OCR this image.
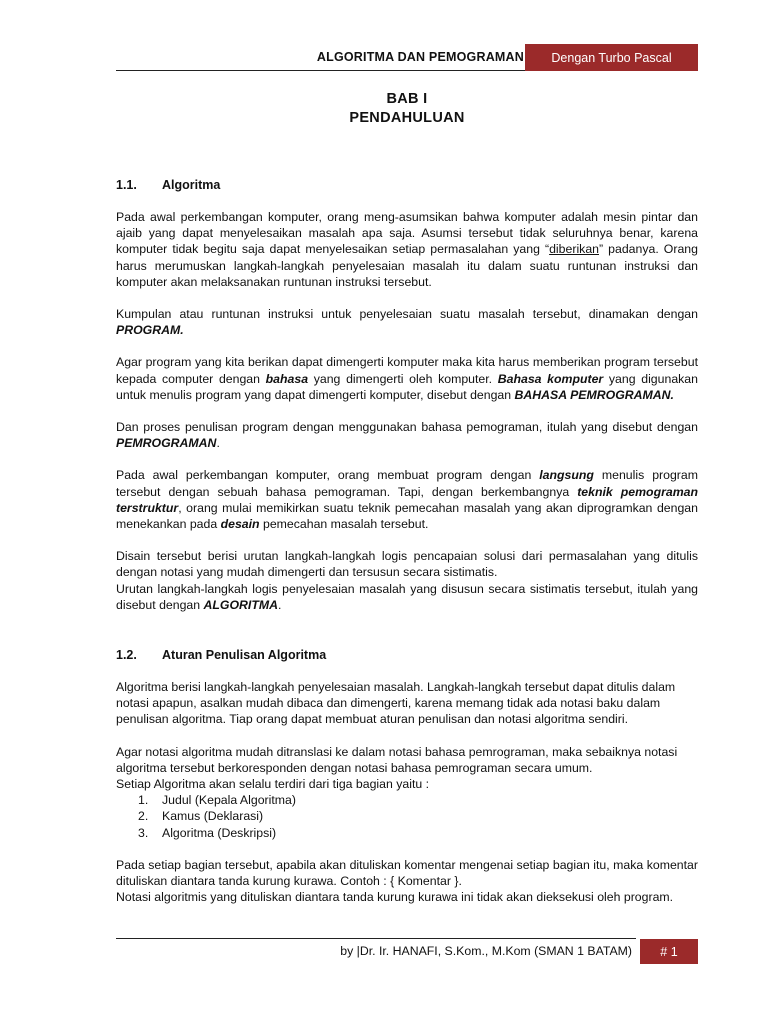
ALGORITMA DAN PEMOGRAMAN	Dengan Turbo Pascal
BAB I
PENDAHULUAN
1.1. Algoritma

Pada awal perkembangan komputer, orang meng-asumsikan bahwa komputer adalah mesin pintar dan ajaib yang dapat menyelesaikan masalah apa saja. Asumsi tersebut tidak seluruhnya benar, karena komputer tidak begitu saja dapat menyelesaikan setiap permasalahan yang “diberikan” padanya. Orang harus merumuskan langkah-langkah penyelesaian masalah itu dalam suatu runtunan instruksi dan komputer akan melaksanakan runtunan instruksi tersebut.

Kumpulan atau runtunan instruksi untuk penyelesaian suatu masalah tersebut, dinamakan dengan PROGRAM.

Agar program yang kita berikan dapat dimengerti komputer maka kita harus memberikan program tersebut kepada computer dengan bahasa yang dimengerti oleh komputer. Bahasa komputer yang digunakan untuk menulis program yang dapat dimengerti komputer, disebut dengan BAHASA PEMROGRAMAN.

Dan proses penulisan program dengan menggunakan bahasa pemograman, itulah yang disebut dengan PEMROGRAMAN.

Pada awal perkembangan komputer, orang membuat program dengan langsung menulis program tersebut dengan sebuah bahasa pemograman. Tapi, dengan berkembangnya teknik pemograman terstruktur, orang mulai memikirkan suatu teknik pemecahan masalah yang akan diprogramkan dengan menekankan pada desain pemecahan masalah tersebut.

Disain tersebut berisi urutan langkah-langkah logis pencapaian solusi dari permasalahan yang ditulis dengan notasi yang mudah dimengerti dan tersusun secara sistimatis.

Urutan langkah-langkah logis penyelesaian masalah yang disusun secara sistimatis tersebut, itulah yang disebut dengan ALGORITMA.

1.2. Aturan Penulisan Algoritma

Algoritma berisi langkah-langkah penyelesaian masalah. Langkah-langkah tersebut dapat ditulis dalam notasi apapun, asalkan mudah dibaca dan dimengerti, karena memang tidak ada notasi baku dalam penulisan algoritma. Tiap orang dapat membuat aturan penulisan dan notasi algoritma sendiri.

Agar notasi algoritma mudah ditranslasi ke dalam notasi bahasa pemrograman, maka sebaiknya notasi algoritma tersebut berkoresponden dengan notasi bahasa pemrograman secara umum.

Setiap Algoritma akan selalu terdiri dari tiga bagian yaitu :

1. Judul (Kepala Algoritma)
2. Kamus (Deklarasi)
3. Algoritma (Deskripsi)

Pada setiap bagian tersebut, apabila akan dituliskan komentar mengenai setiap bagian itu, maka komentar dituliskan diantara tanda kurung kurawa. Contoh : { Komentar }.

Notasi algoritmis yang dituliskan diantara tanda kurung kurawa ini tidak akan dieksekusi oleh program.

by |Dr. Ir. HANAFI, S.Kom., M.Kom (SMAN 1 BATAM)	# 1
